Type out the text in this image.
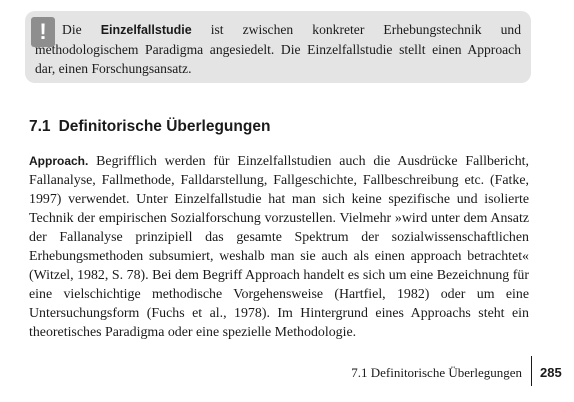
!	Die Einzelfallstudie ist zwischen konkreter Erhebungstechnik und methodologischem Paradigma angesiedelt. Die Einzelfallstudie stellt einen Approach dar, einen Forschungsansatz.

7.1 Definitorische Überlegungen

Approach. Begrifflich werden für Einzelfallstudien auch die Ausdrücke Fallbericht, Fallanalyse, Fallmethode, Falldarstellung, Fallgeschichte, Fallbeschreibung etc. (Fatke, 1997) verwendet. Unter Einzelfallstudie hat man sich keine spezifische und isolierte Technik der empirischen Sozialforschung vorzustellen. Vielmehr »wird unter dem Ansatz der Fallanalyse prinzipiell das gesamte Spektrum der sozialwissenschaftlichen Erhebungsmethoden subsumiert, weshalb man sie auch als einen approach betrachtet« (Witzel, 1982, S. 78). Bei dem Begriff Approach handelt es sich um eine Bezeichnung für eine vielschichtige methodische Vorgehensweise (Hartfiel, 1982) oder um eine Untersuchungsform (Fuchs et al., 1978). Im Hintergrund eines Approachs steht ein theoretisches Paradigma oder eine spezielle Methodologie.

7.1 Definitorische Überlegungen 285
